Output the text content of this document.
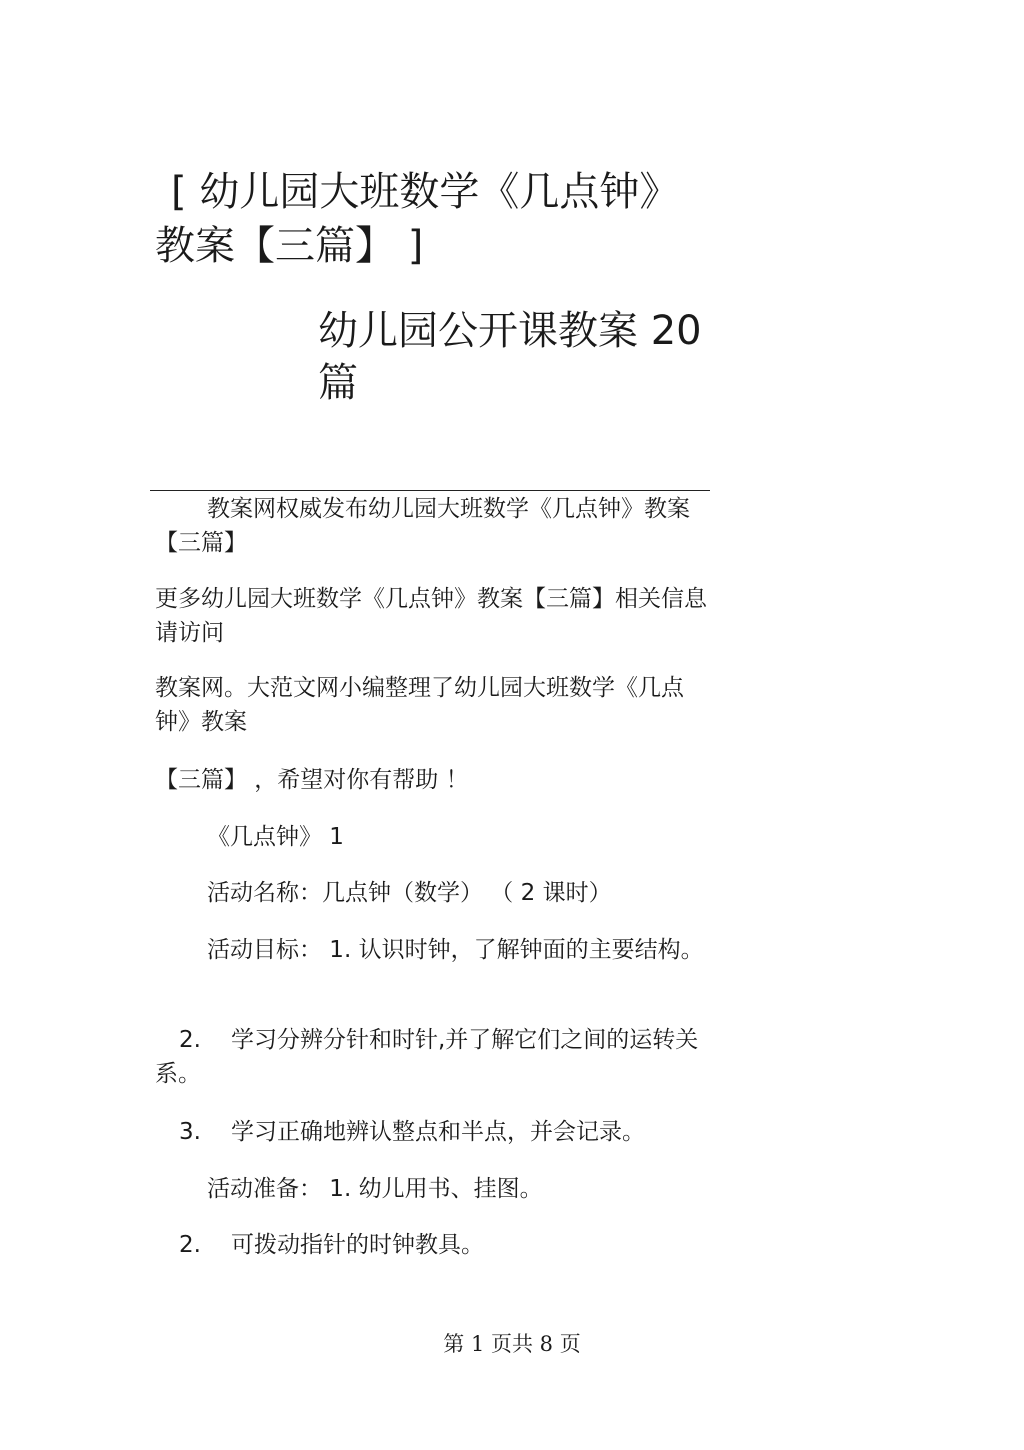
[ 幼儿园大班数学《几点钟》
教案【三篇】 ]
幼儿园公开课教案 20
篇

教案网权威发布幼儿园大班数学《几点钟》教案【三篇】

更多幼儿园大班数学《几点钟》教案【三篇】相关信息请访问

教案网。大范文网小编整理了幼儿园大班数学《几点钟》教案

【三篇】 ，希望对你有帮助 ！

《几点钟》 1

活动名称：几点钟（数学） （ 2 课时）

活动目标： 1. 认识时钟，了解钟面的主要结构。

2. 学习分辨分针和时针,并了解它们之间的运转关系。

3. 学习正确地辨认整点和半点，并会记录。

活动准备： 1. 幼儿用书、挂图。

2. 可拨动指针的时钟教具。

第 1 页共 8 页
